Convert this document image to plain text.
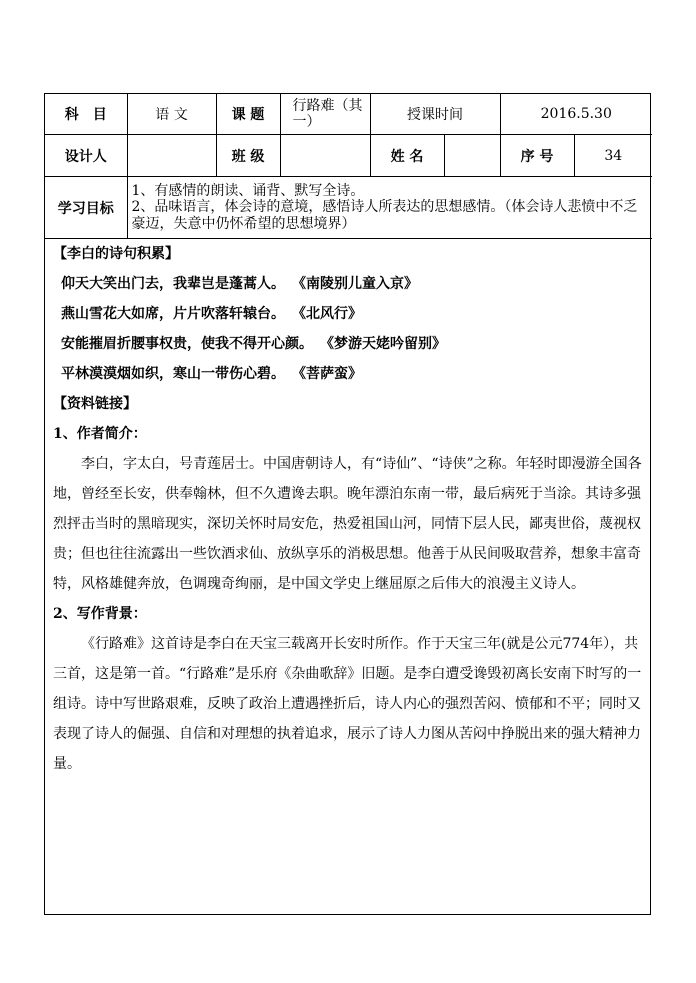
科　目	语 文	课 题	行路难（其一）	授课时间		2016.5.30	
设计人		班 级		姓 名		序 号	34
学习目标	1、有感情的朗读、诵背、默写全诗。
2、品味语言，体会诗的意境，感悟诗人所表达的思想感情。（体会诗人悲愤中不乏豪迈，失意中仍怀希望的思想境界）						
【李白的诗句积累】
仰天大笑出门去，我辈岂是蓬蒿人。 《南陵别儿童入京》
燕山雪花大如席，片片吹落轩辕台。 《北风行》
安能摧眉折腰事权贵，使我不得开心颜。 《梦游天姥吟留别》
平林漠漠烟如织，寒山一带伤心碧。 《菩萨蛮》
【资料链接】
1、作者简介：

李白，字太白，号青莲居士。中国唐朝诗人，有“诗仙”、“诗侠”之称。年轻时即漫游全国各地，曾经至长安，供奉翰林，但不久遭谗去职。晚年漂泊东南一带，最后病死于当涂。其诗多强烈抨击当时的黑暗现实，深切关怀时局安危，热爱祖国山河，同情下层人民，鄙夷世俗，蔑视权贵；但也往往流露出一些饮酒求仙、放纵享乐的消极思想。他善于从民间吸取营养，想象丰富奇特，风格雄健奔放，色调瑰奇绚丽，是中国文学史上继屈原之后伟大的浪漫主义诗人。

2、写作背景：

《行路难》这首诗是李白在天宝三载离开长安时所作。作于天宝三年(就是公元774年），共三首，这是第一首。“行路难”是乐府《杂曲歌辞》旧题。是李白遭受谗毁初离长安南下时写的一组诗。诗中写世路艰难，反映了政治上遭遇挫折后，诗人内心的强烈苦闷、愤郁和不平；同时又表现了诗人的倔强、自信和对理想的执着追求，展示了诗人力图从苦闷中挣脱出来的强大精神力量。
